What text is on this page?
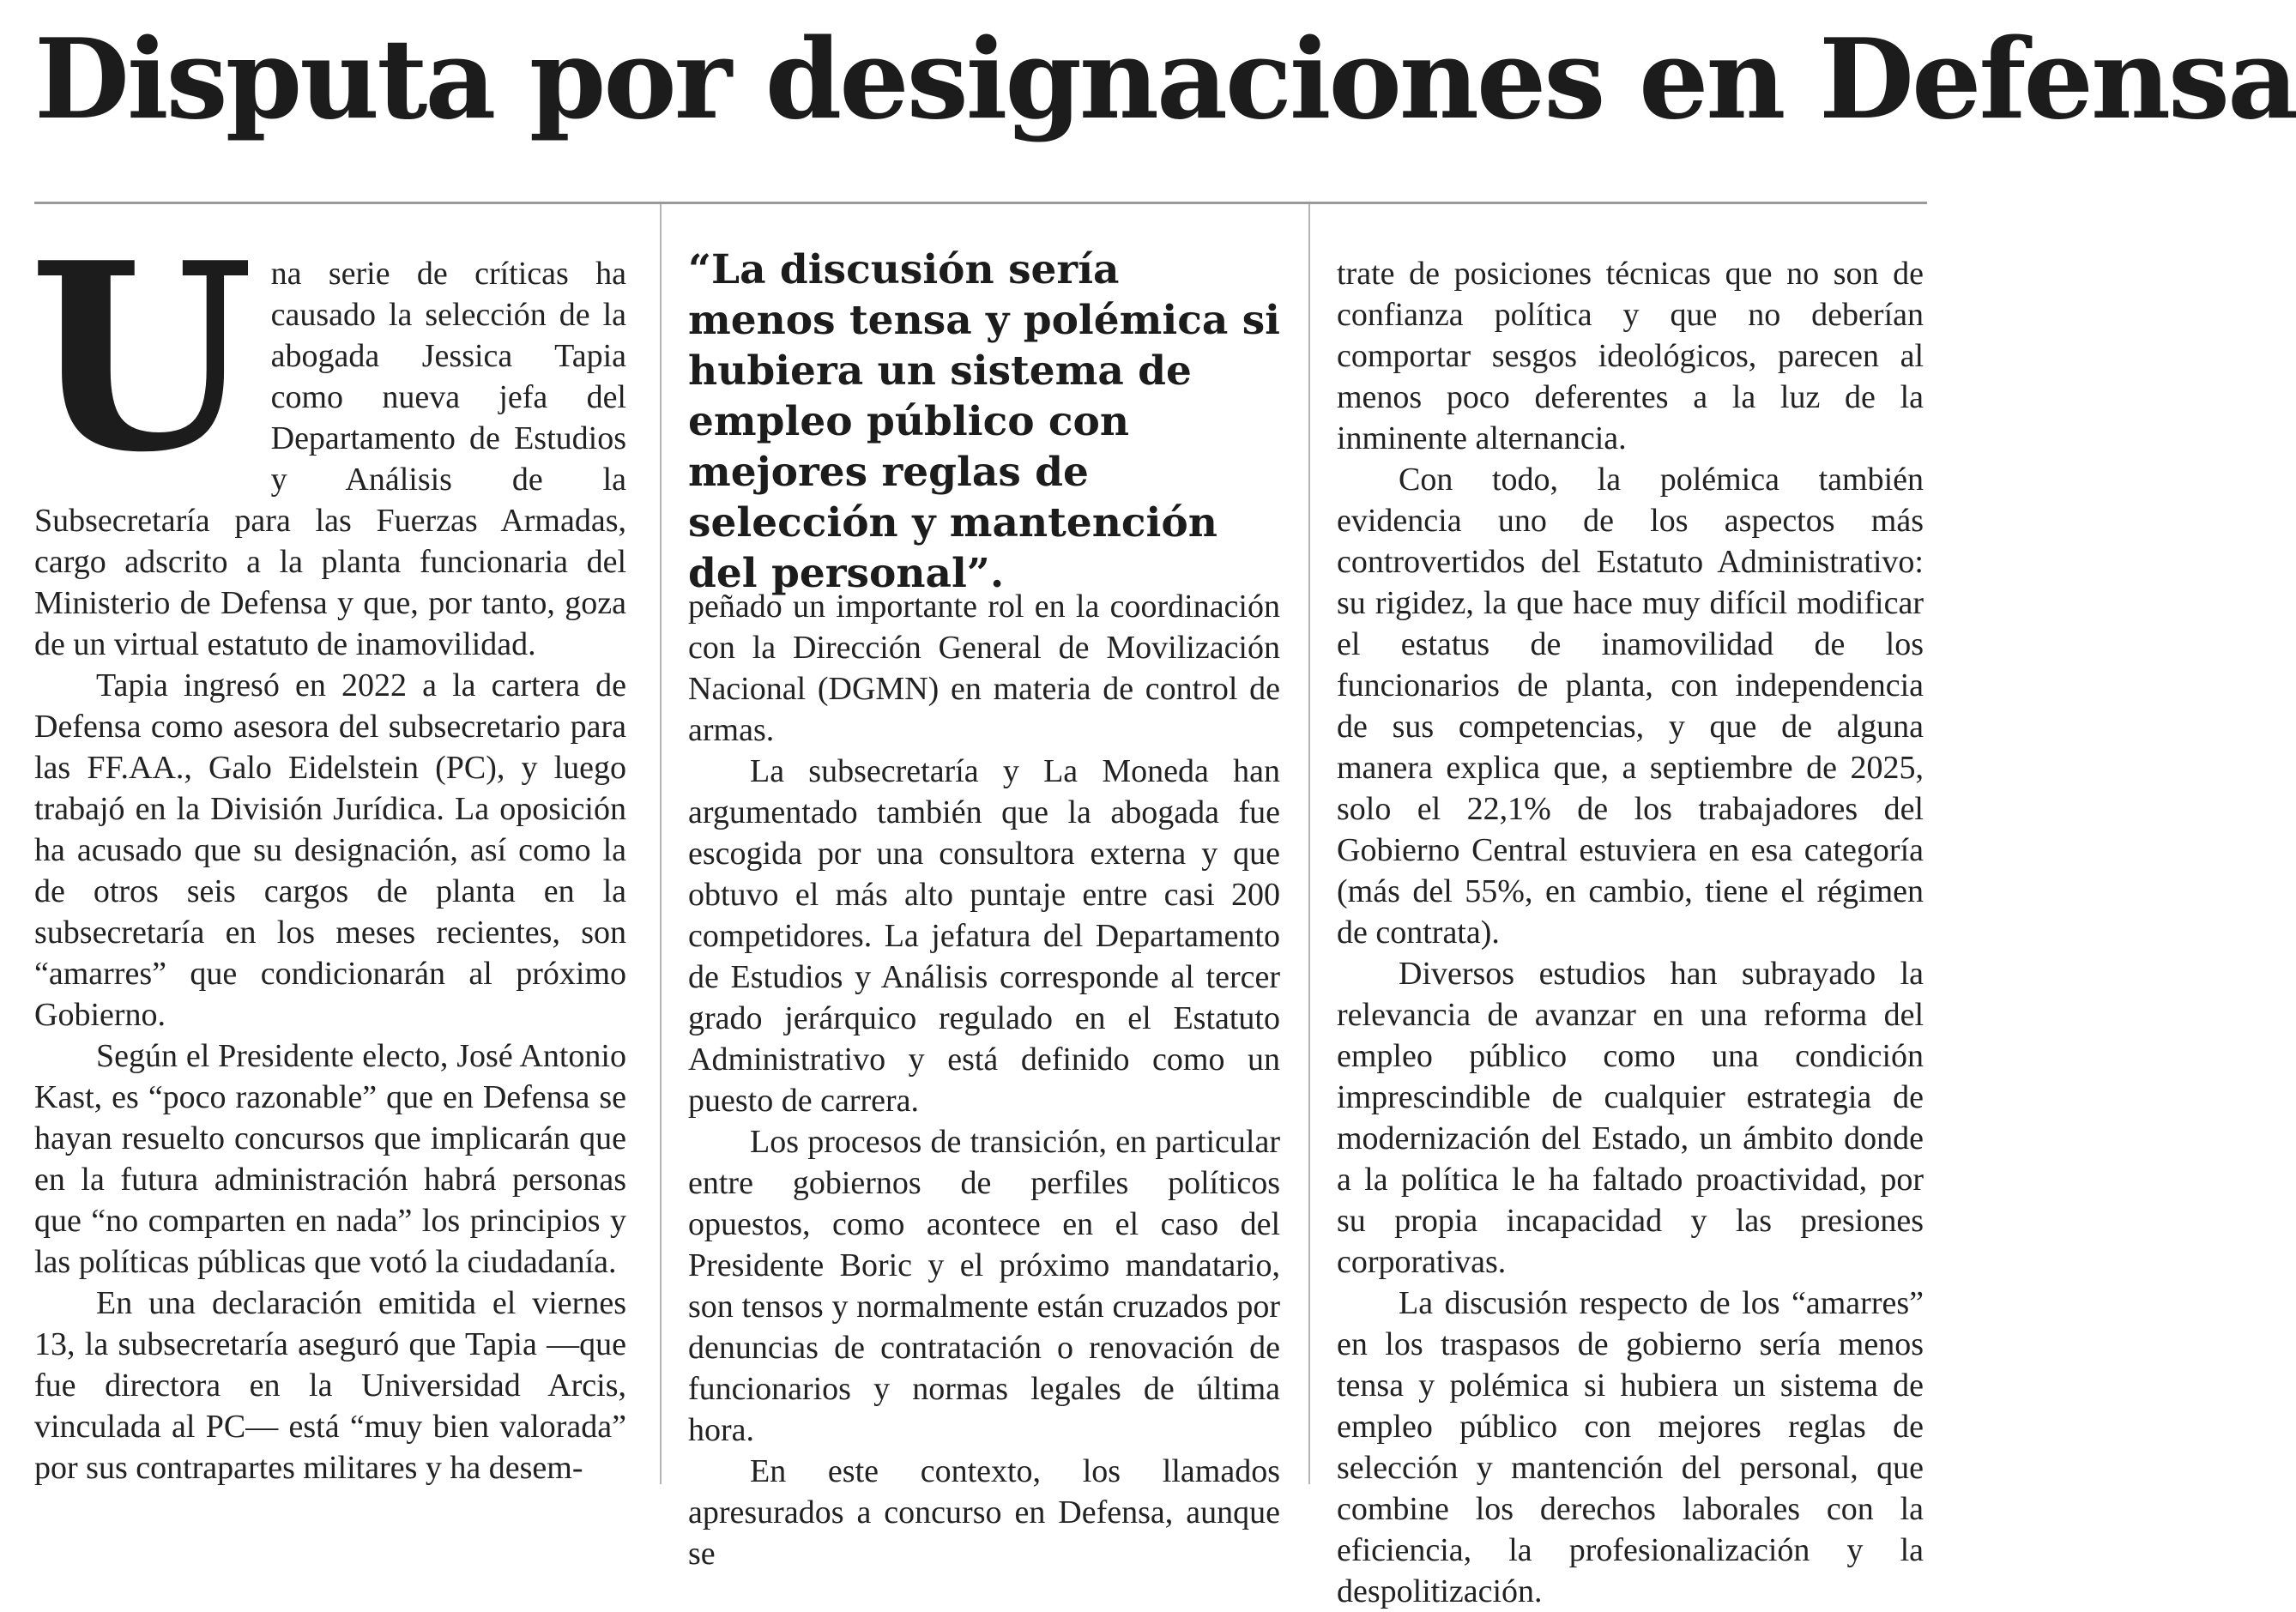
Disputa por designaciones en Defensa
U na serie de críticas ha causado la selección de la abogada Jessica Tapia como nueva jefa del Departamento de Estudios y Análisis de la Subsecretaría para las Fuerzas Armadas, cargo adscrito a la planta funcionaria del Ministerio de Defensa y que, por tanto, goza de un virtual estatuto de inamovilidad.

Tapia ingresó en 2022 a la cartera de Defensa como asesora del subsecretario para las FF.AA., Galo Eidelstein (PC), y luego trabajó en la División Jurídica. La oposición ha acusado que su designación, así como la de otros seis cargos de planta en la subsecretaría en los meses recientes, son “amarres” que condicionarán al próximo Gobierno.

Según el Presidente electo, José Antonio Kast, es “poco razonable” que en Defensa se hayan resuelto concursos que implicarán que en la futura administración habrá personas que “no comparten en nada” los principios y las políticas públicas que votó la ciudadanía.

En una declaración emitida el viernes 13, la subsecretaría aseguró que Tapia —que fue directora en la Universidad Arcis, vinculada al PC— está “muy bien valorada” por sus contrapartes militares y ha desem-

“La discusión sería menos tensa y polémica si hubiera un sistema de empleo público con mejores reglas de selección y mantención del personal”.

peñado un importante rol en la coordinación con la Dirección General de Movilización Nacional (DGMN) en materia de control de armas.

La subsecretaría y La Moneda han argumentado también que la abogada fue escogida por una consultora externa y que obtuvo el más alto puntaje entre casi 200 competidores. La jefatura del Departamento de Estudios y Análisis corresponde al tercer grado jerárquico regulado en el Estatuto Administrativo y está definido como un puesto de carrera.

Los procesos de transición, en particular entre gobiernos de perfiles políticos opuestos, como acontece en el caso del Presidente Boric y el próximo mandatario, son tensos y normalmente están cruzados por denuncias de contratación o renovación de funcionarios y normas legales de última hora.

En este contexto, los llamados apresurados a concurso en Defensa, aunque se

trate de posiciones técnicas que no son de confianza política y que no deberían comportar sesgos ideológicos, parecen al menos poco deferentes a la luz de la inminente alternancia.

Con todo, la polémica también evidencia uno de los aspectos más controvertidos del Estatuto Administrativo: su rigidez, la que hace muy difícil modificar el estatus de inamovilidad de los funcionarios de planta, con independencia de sus competencias, y que de alguna manera explica que, a septiembre de 2025, solo el 22,1% de los trabajadores del Gobierno Central estuviera en esa categoría (más del 55%, en cambio, tiene el régimen de contrata).

Diversos estudios han subrayado la relevancia de avanzar en una reforma del empleo público como una condición imprescindible de cualquier estrategia de modernización del Estado, un ámbito donde a la política le ha faltado proactividad, por su propia incapacidad y las presiones corporativas.

La discusión respecto de los “amarres” en los traspasos de gobierno sería menos tensa y polémica si hubiera un sistema de empleo público con mejores reglas de selección y mantención del personal, que combine los derechos laborales con la eficiencia, la profesionalización y la despolitización.
